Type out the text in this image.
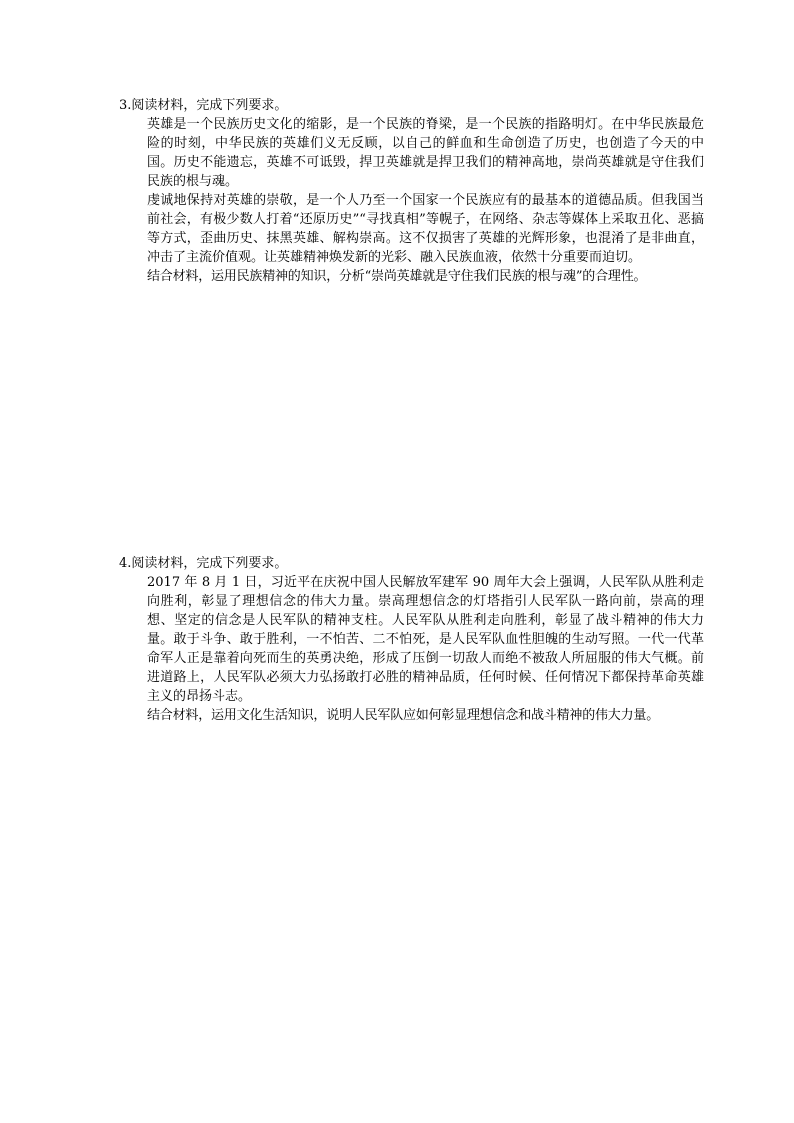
3.阅读材料，完成下列要求。

英雄是一个民族历史文化的缩影，是一个民族的脊梁，是一个民族的指路明灯。在中华民族最危险的时刻，中华民族的英雄们义无反顾，以自己的鲜血和生命创造了历史，也创造了今天的中国。历史不能遗忘，英雄不可诋毁，捍卫英雄就是捍卫我们的精神高地，崇尚英雄就是守住我们民族的根与魂。

虔诚地保持对英雄的崇敬，是一个人乃至一个国家一个民族应有的最基本的道德品质。但我国当前社会，有极少数人打着“还原历史”“寻找真相”等幌子，在网络、杂志等媒体上采取丑化、恶搞等方式，歪曲历史、抹黑英雄、解构崇高。这不仅损害了英雄的光辉形象，也混淆了是非曲直，冲击了主流价值观。让英雄精神焕发新的光彩、融入民族血液，依然十分重要而迫切。

结合材料，运用民族精神的知识，分析“崇尚英雄就是守住我们民族的根与魂”的合理性。

4.阅读材料，完成下列要求。

2017 年 8 月 1 日，习近平在庆祝中国人民解放军建军 90 周年大会上强调，人民军队从胜利走向胜利，彰显了理想信念的伟大力量。崇高理想信念的灯塔指引人民军队一路向前，崇高的理想、坚定的信念是人民军队的精神支柱。人民军队从胜利走向胜利，彰显了战斗精神的伟大力量。敢于斗争、敢于胜利，一不怕苦、二不怕死，是人民军队血性胆魄的生动写照。一代一代革命军人正是靠着向死而生的英勇决绝，形成了压倒一切敌人而绝不被敌人所屈服的伟大气概。前进道路上，人民军队必须大力弘扬敢打必胜的精神品质，任何时候、任何情况下都保持革命英雄主义的昂扬斗志。

结合材料，运用文化生活知识，说明人民军队应如何彰显理想信念和战斗精神的伟大力量。
